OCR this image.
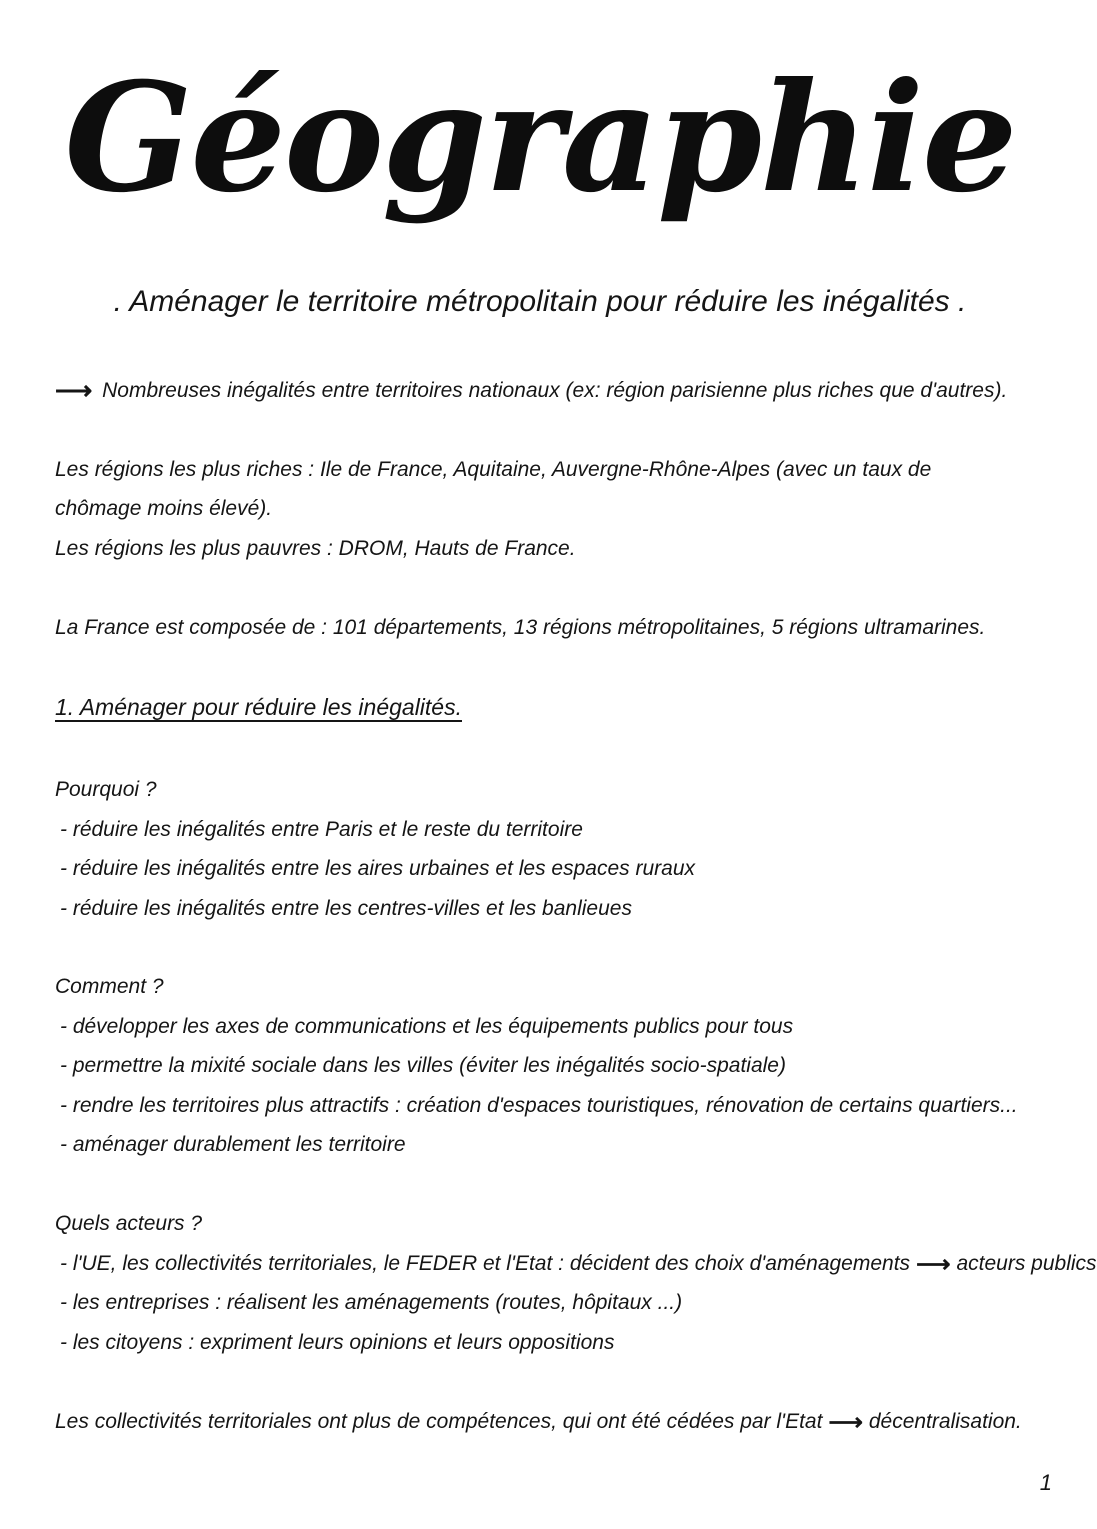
Géographie
. Aménager le territoire métropolitain pour réduire les inégalités .
⟶ Nombreuses inégalités entre territoires nationaux (ex: région parisienne plus riches que d'autres).
Les régions les plus riches : Ile de France, Aquitaine, Auvergne-Rhône-Alpes (avec un taux de chômage moins élevé).
Les régions les plus pauvres : DROM, Hauts de France.
La France est composée de : 101 départements, 13 régions métropolitaines, 5 régions ultramarines.
1. Aménager pour réduire les inégalités.
Pourquoi ?
- réduire les inégalités entre Paris et le reste du territoire
- réduire les inégalités entre les aires urbaines et les espaces ruraux
- réduire les inégalités entre les centres-villes et les banlieues
Comment ?
- développer les axes de communications et les équipements publics pour tous
- permettre la mixité sociale dans les villes (éviter les inégalités socio-spatiale)
- rendre les territoires plus attractifs : création d'espaces touristiques, rénovation de certains quartiers...
- aménager durablement les territoire
Quels acteurs ?
- l'UE, les collectivités territoriales, le FEDER et l'Etat : décident des choix d'aménagements ⟶ acteurs publics
- les entreprises : réalisent les aménagements (routes, hôpitaux ...)
- les citoyens : expriment leurs opinions et leurs oppositions
Les collectivités territoriales ont plus de compétences, qui ont été cédées par l'Etat ⟶ décentralisation.
1
